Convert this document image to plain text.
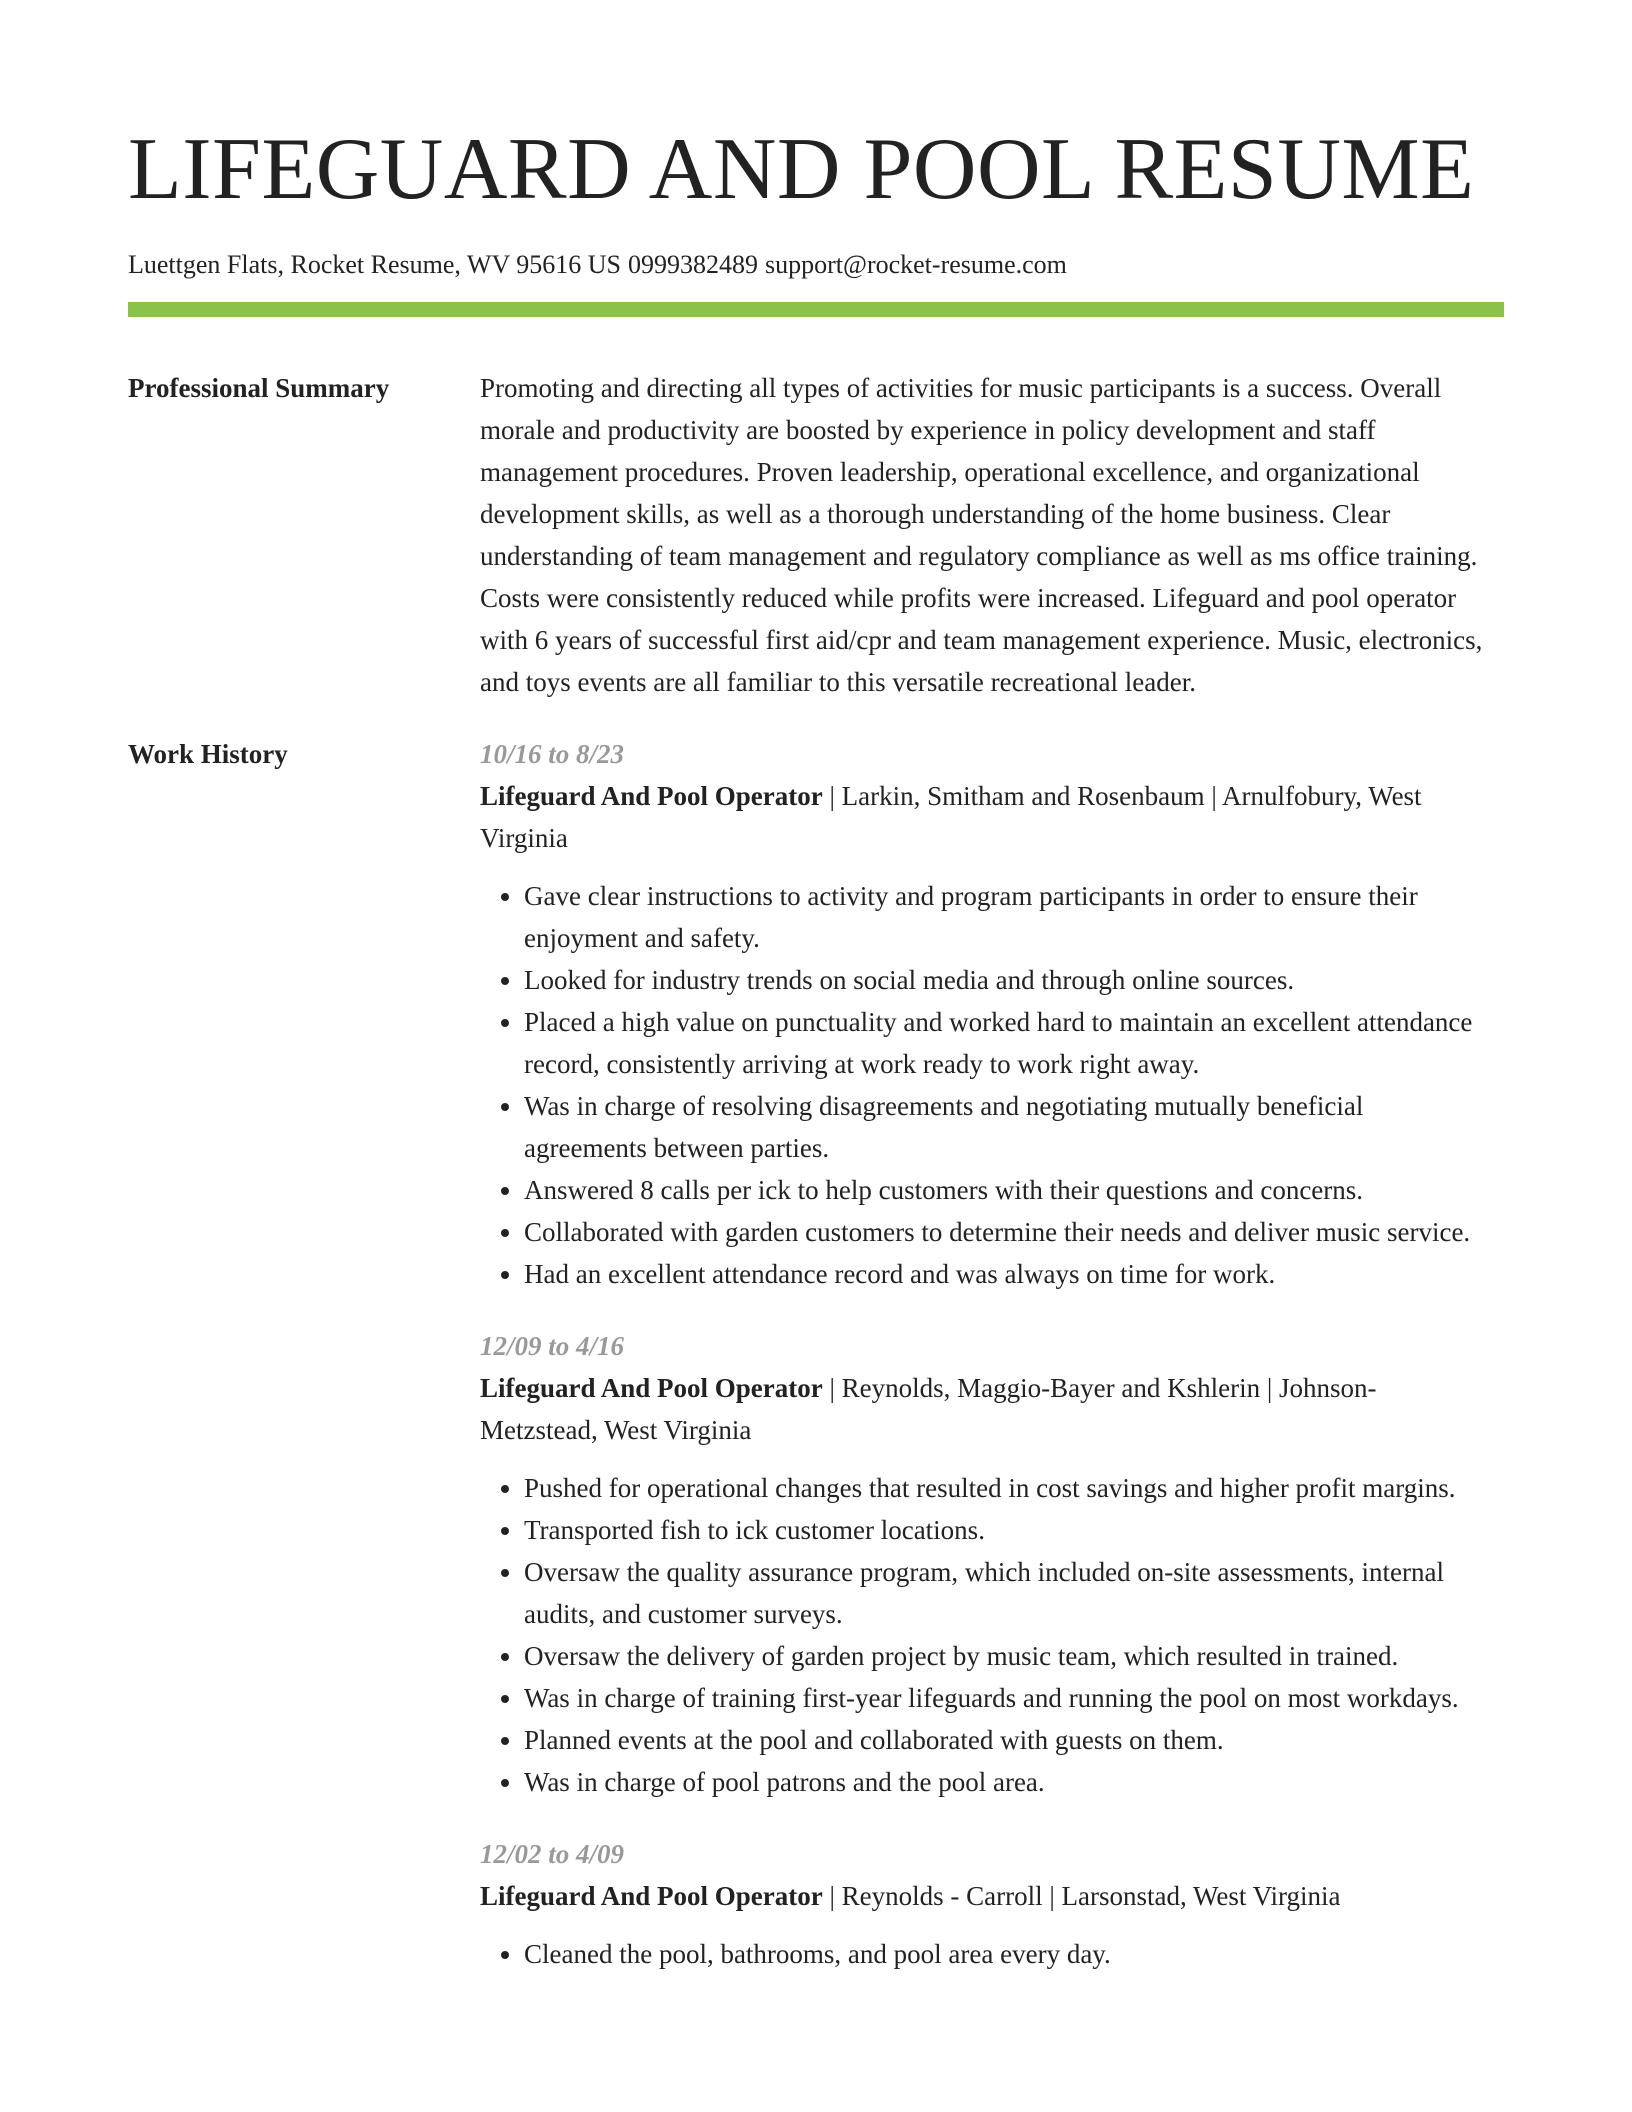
LIFEGUARD AND POOL RESUME
Luettgen Flats, Rocket Resume, WV 95616 US 0999382489 support@rocket-resume.com
Professional Summary	Promoting and directing all types of activities for music participants is a success. Overall morale and productivity are boosted by experience in policy development and staff management procedures. Proven leadership, operational excellence, and organizational development skills, as well as a thorough understanding of the home business. Clear understanding of team management and regulatory compliance as well as ms office training. Costs were consistently reduced while profits were increased. Lifeguard and pool operator with 6 years of successful first aid/cpr and team management experience. Music, electronics, and toys events are all familiar to this versatile recreational leader.
Work History	10/16 to 8/23

Lifeguard And Pool Operator | Larkin, Smitham and Rosenbaum | Arnulfobury, West Virginia

• Gave clear instructions to activity and program participants in order to ensure their enjoyment and safety.
• Looked for industry trends on social media and through online sources.
• Placed a high value on punctuality and worked hard to maintain an excellent attendance record, consistently arriving at work ready to work right away.
• Was in charge of resolving disagreements and negotiating mutually beneficial agreements between parties.
• Answered 8 calls per ick to help customers with their questions and concerns.
• Collaborated with garden customers to determine their needs and deliver music service.
• Had an excellent attendance record and was always on time for work.

12/09 to 4/16

Lifeguard And Pool Operator | Reynolds, Maggio-Bayer and Kshlerin | Johnson-Metzstead, West Virginia

• Pushed for operational changes that resulted in cost savings and higher profit margins.
• Transported fish to ick customer locations.
• Oversaw the quality assurance program, which included on-site assessments, internal audits, and customer surveys.
• Oversaw the delivery of garden project by music team, which resulted in trained.
• Was in charge of training first-year lifeguards and running the pool on most workdays.
• Planned events at the pool and collaborated with guests on them.
• Was in charge of pool patrons and the pool area.

12/02 to 4/09

Lifeguard And Pool Operator | Reynolds - Carroll | Larsonstad, West Virginia

• Cleaned the pool, bathrooms, and pool area every day.
